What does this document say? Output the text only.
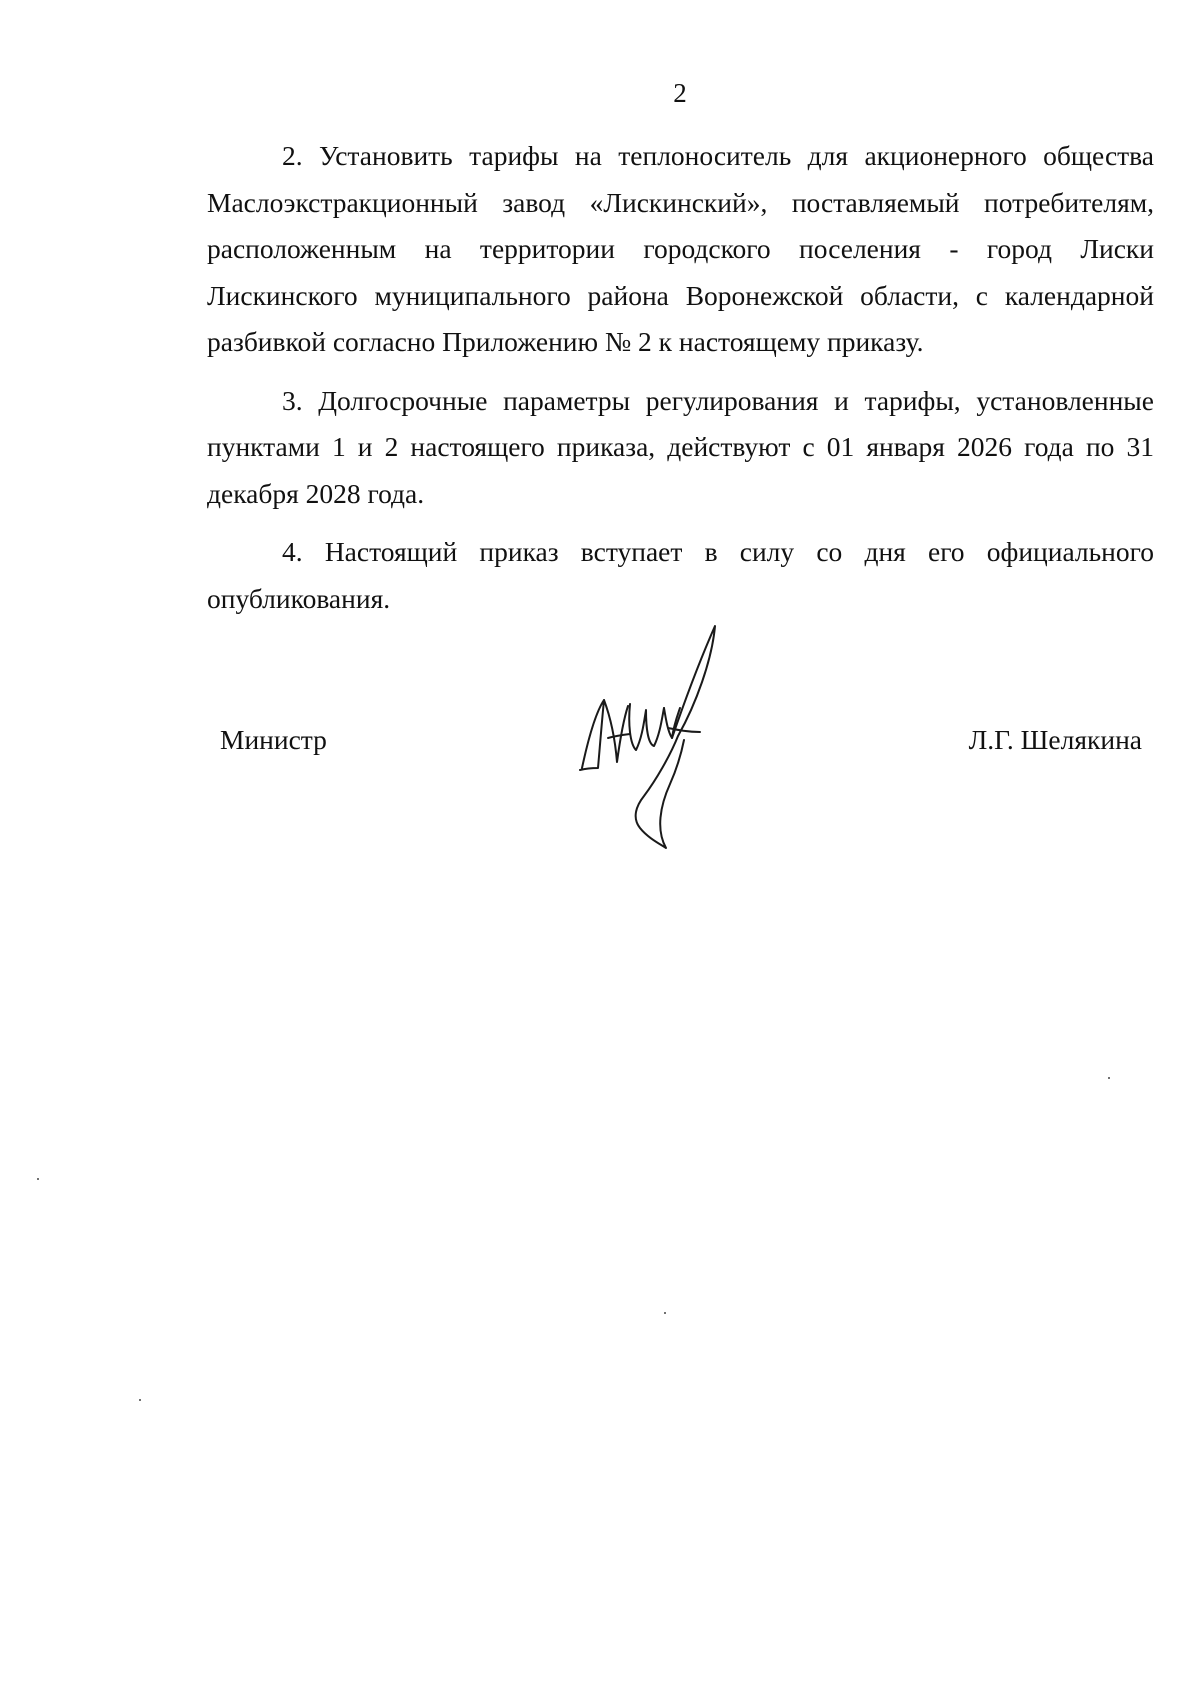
2

2. Установить тарифы на теплоноситель для акционерного общества Маслоэкстракционный завод «Лискинский», поставляемый потребителям, расположенным на территории городского поселения - город Лиски Лискинского муниципального района Воронежской области, с календарной разбивкой согласно Приложению № 2 к настоящему приказу.

3. Долгосрочные параметры регулирования и тарифы, установленные пунктами 1 и 2 настоящего приказа, действуют с 01 января 2026 года по 31 декабря 2028 года.

4. Настоящий приказ вступает в силу со дня его официального опубликования.

Министр	Л.Г. Шелякина
